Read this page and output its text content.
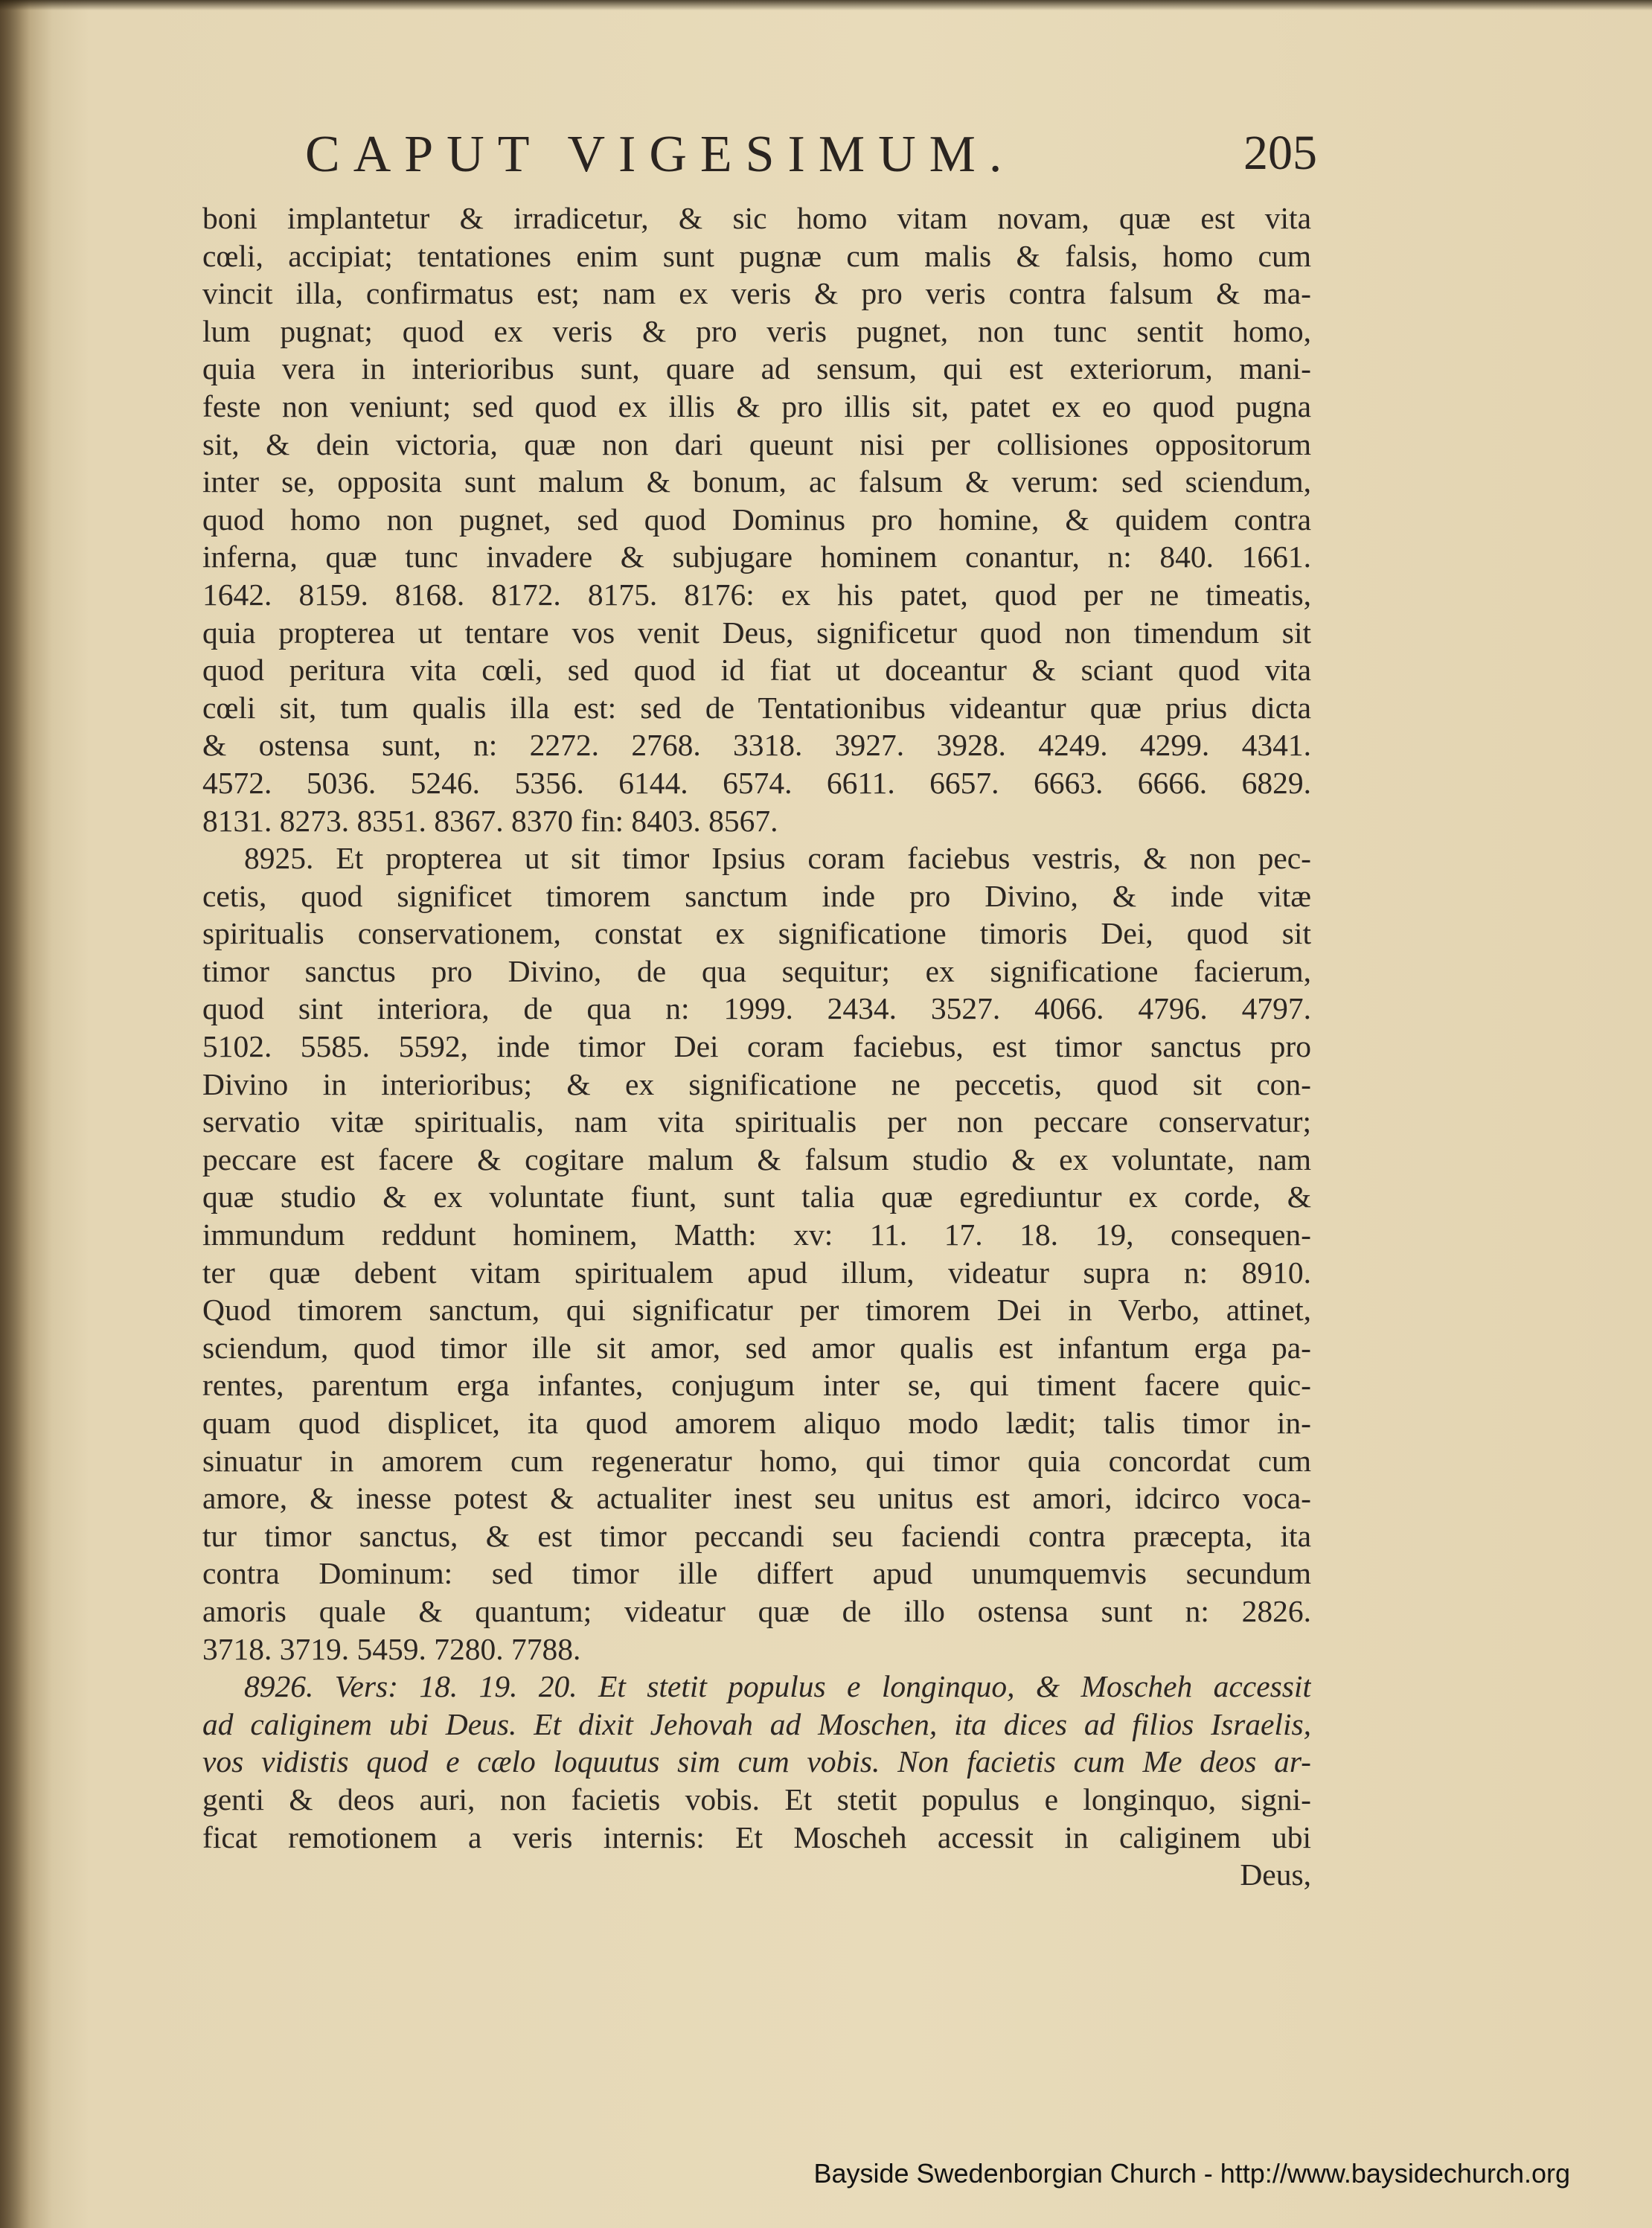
CAPUT VIGESIMUM.	205
boni implantetur & irradicetur, & sic homo vitam novam, quæ est vita
cœli, accipiat; tentationes enim sunt pugnæ cum malis & falsis, homo cum
vincit illa, confirmatus est; nam ex veris & pro veris contra falsum & ma-
lum pugnat; quod ex veris & pro veris pugnet, non tunc sentit homo,
quia vera in interioribus sunt, quare ad sensum, qui est exteriorum, mani-
feste non veniunt; sed quod ex illis & pro illis sit, patet ex eo quod pugna
sit, & dein victoria, quæ non dari queunt nisi per collisiones oppositorum
inter se, opposita sunt malum & bonum, ac falsum & verum: sed sciendum,
quod homo non pugnet, sed quod Dominus pro homine, & quidem contra
inferna, quæ tunc invadere & subjugare hominem conantur, n: 840. 1661.
1642. 8159. 8168. 8172. 8175. 8176: ex his patet, quod per ne timeatis,
quia propterea ut tentare vos venit Deus, significetur quod non timendum sit
quod peritura vita cœli, sed quod id fiat ut doceantur & sciant quod vita
cœli sit, tum qualis illa est: sed de Tentationibus videantur quæ prius dicta
& ostensa sunt, n: 2272. 2768. 3318. 3927. 3928. 4249. 4299. 4341.
4572. 5036. 5246. 5356. 6144. 6574. 6611. 6657. 6663. 6666. 6829.
8131. 8273. 8351. 8367. 8370 fin: 8403. 8567.
8925. Et propterea ut sit timor Ipsius coram faciebus vestris, & non pec-
cetis, quod significet timorem sanctum inde pro Divino, & inde vitæ
spiritualis conservationem, constat ex significatione timoris Dei, quod sit
timor sanctus pro Divino, de qua sequitur; ex significatione facierum,
quod sint interiora, de qua n: 1999. 2434. 3527. 4066. 4796. 4797.
5102. 5585. 5592, inde timor Dei coram faciebus, est timor sanctus pro
Divino in interioribus; & ex significatione ne peccetis, quod sit con-
servatio vitæ spiritualis, nam vita spiritualis per non peccare conservatur;
peccare est facere & cogitare malum & falsum studio & ex voluntate, nam
quæ studio & ex voluntate fiunt, sunt talia quæ egrediuntur ex corde, &
immundum reddunt hominem, Matth: xv: 11. 17. 18. 19, consequen-
ter quæ debent vitam spiritualem apud illum, videatur supra n: 8910.
Quod timorem sanctum, qui significatur per timorem Dei in Verbo, attinet,
sciendum, quod timor ille sit amor, sed amor qualis est infantum erga pa-
rentes, parentum erga infantes, conjugum inter se, qui timent facere quic-
quam quod displicet, ita quod amorem aliquo modo lædit; talis timor in-
sinuatur in amorem cum regeneratur homo, qui timor quia concordat cum
amore, & inesse potest & actualiter inest seu unitus est amori, idcirco voca-
tur timor sanctus, & est timor peccandi seu faciendi contra præcepta, ita
contra Dominum: sed timor ille differt apud unumquemvis secundum
amoris quale & quantum; videatur quæ de illo ostensa sunt n: 2826.
3718. 3719. 5459. 7280. 7788.
8926. Vers: 18. 19. 20. Et stetit populus e longinquo, & Moscheh accessit
ad caliginem ubi Deus. Et dixit Jehovah ad Moschen, ita dices ad filios Israelis,
vos vidistis quod e cælo loquutus sim cum vobis. Non facietis cum Me deos ar-
genti & deos auri, non facietis vobis. Et stetit populus e longinquo, signi-
ficat remotionem a veris internis: Et Moscheh accessit in caliginem ubi
Deus,
Bayside Swedenborgian Church - http://www.baysidechurch.org
